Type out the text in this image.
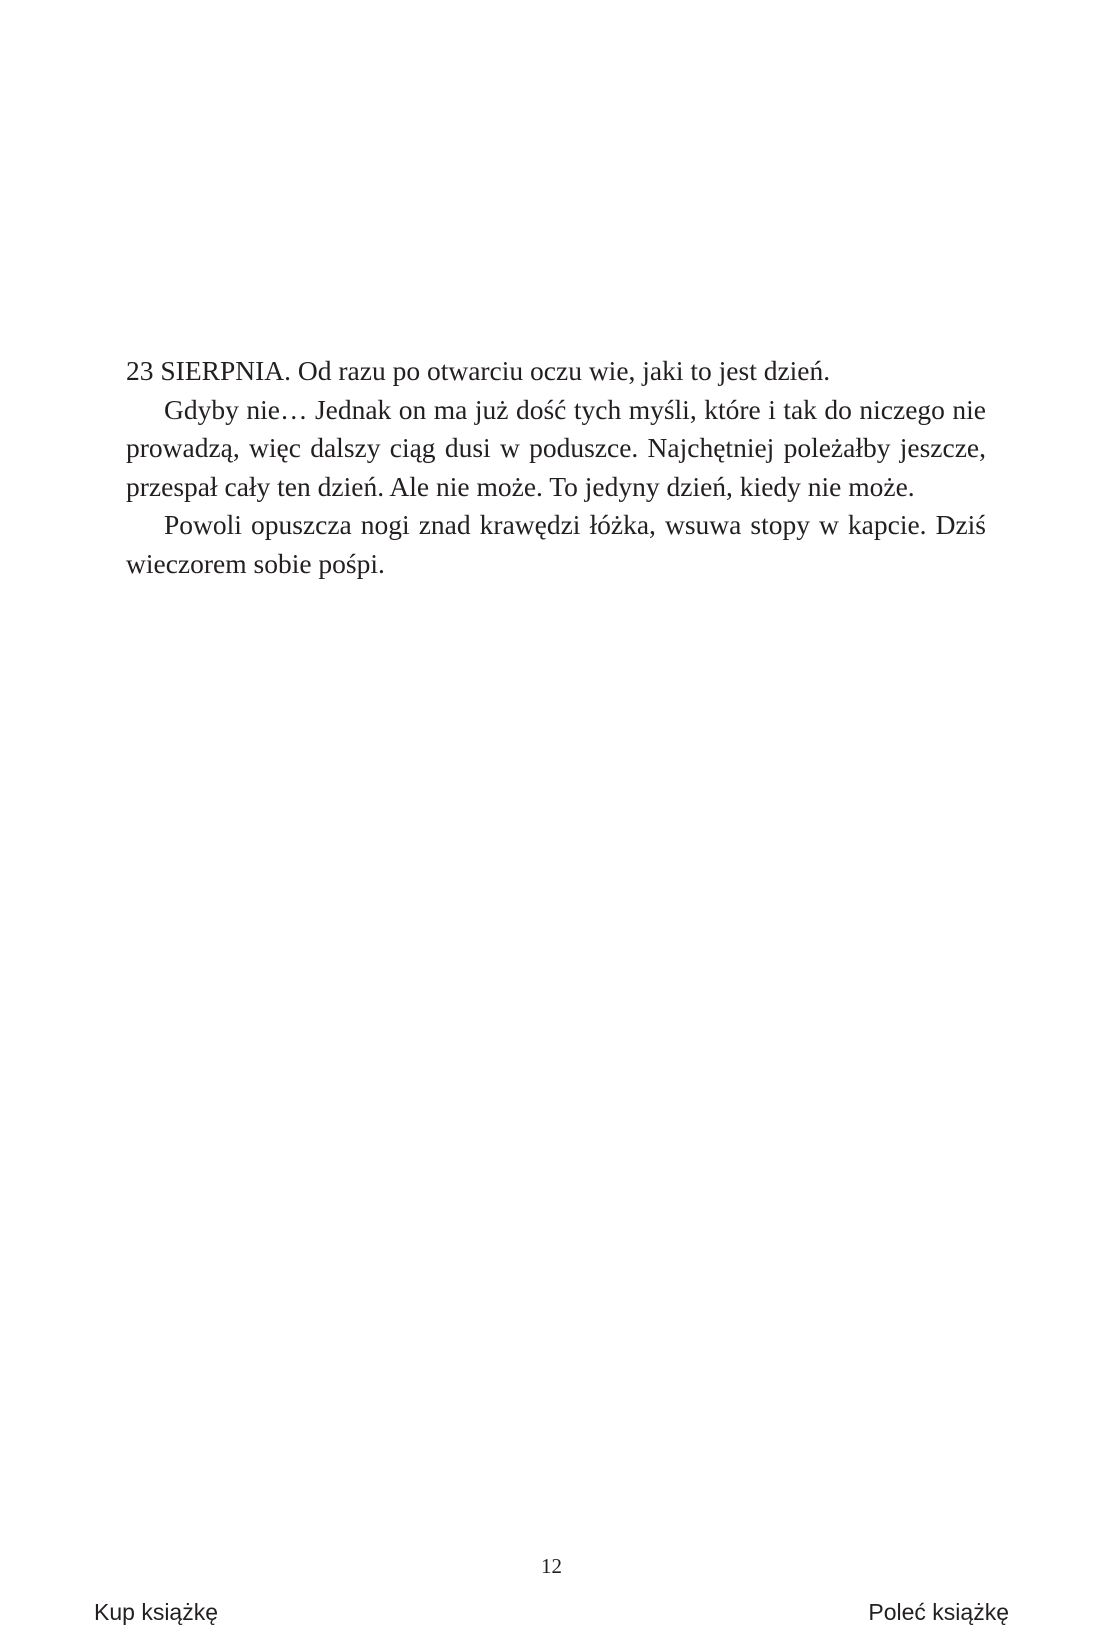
23 SIERPNIA. Od razu po otwarciu oczu wie, jaki to jest dzień.

Gdyby nie… Jednak on ma już dość tych myśli, które i tak do niczego nie prowadzą, więc dalszy ciąg dusi w poduszce. Najchętniej poleżałby jeszcze, przespał cały ten dzień. Ale nie może. To jedyny dzień, kiedy nie może.

Powoli opuszcza nogi znad krawędzi łóżka, wsuwa stopy w kapcie. Dziś wieczorem sobie pośpi.

12
Kup książkę	Poleć książkę
